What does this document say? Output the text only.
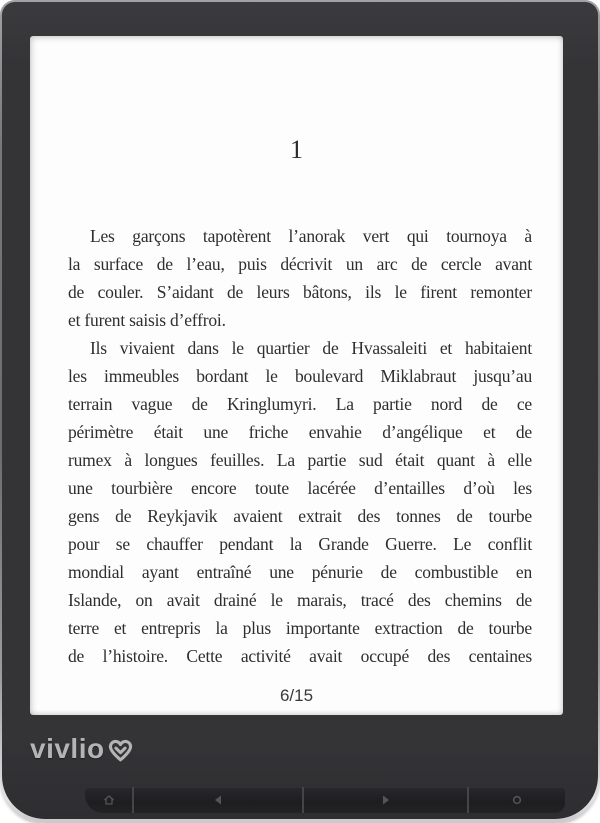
1
Les garçons tapotèrent l’anorak vert qui tournoya à
la surface de l’eau, puis décrivit un arc de cercle avant
de couler. S’aidant de leurs bâtons, ils le firent remonter
et furent saisis d’effroi.
Ils vivaient dans le quartier de Hvassaleiti et habitaient
les immeubles bordant le boulevard Miklabraut jusqu’au
terrain vague de Kringlumyri. La partie nord de ce
périmètre était une friche envahie d’angélique et de
rumex à longues feuilles. La partie sud était quant à elle
une tourbière encore toute lacérée d’entailles d’où les
gens de Reykjavik avaient extrait des tonnes de tourbe
pour se chauffer pendant la Grande Guerre. Le conflit
mondial ayant entraîné une pénurie de combustible en
Islande, on avait drainé le marais, tracé des chemins de
terre et entrepris la plus importante extraction de tourbe
de l’histoire. Cette activité avait occupé des centaines
6/15
vivlio
